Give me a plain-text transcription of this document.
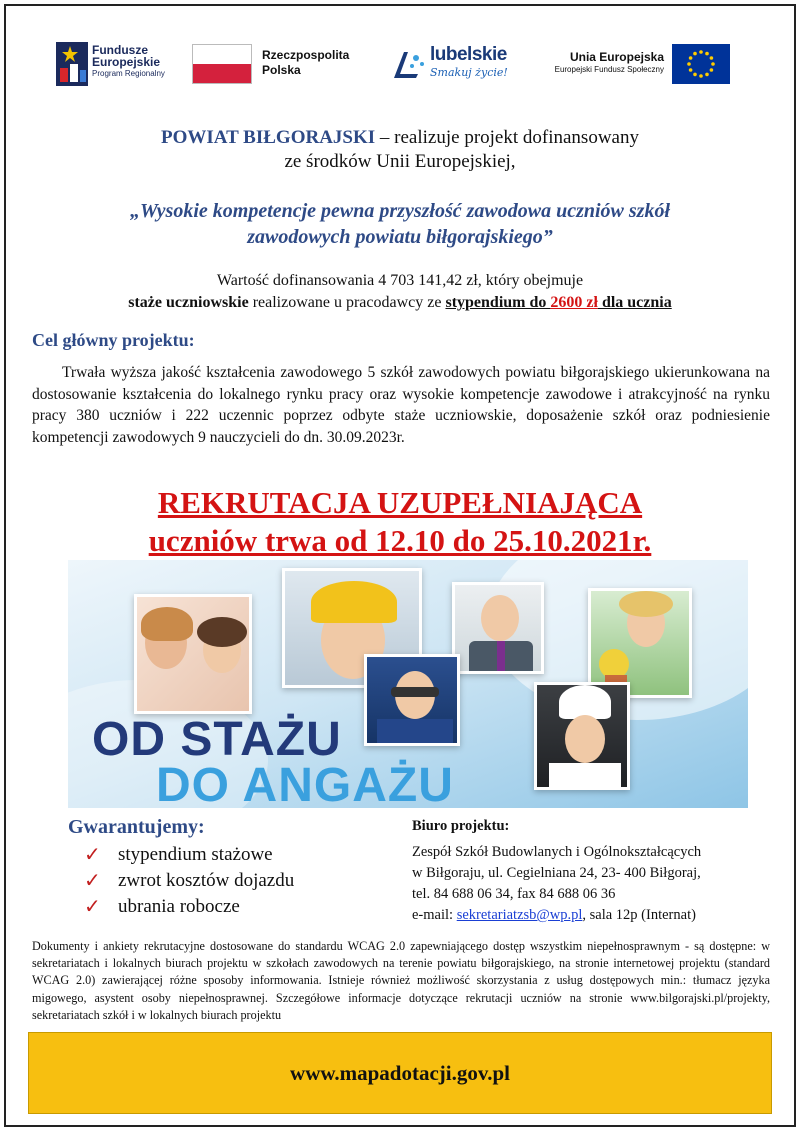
Fundusze
Europejskie
Program Regionalny
Rzeczpospolita
Polska
lubelskie
Smakuj życie!
Unia Europejska
Europejski Fundusz Społeczny
POWIAT BIŁGORAJSKI – realizuje projekt dofinansowany
ze środków Unii Europejskiej,
„Wysokie kompetencje pewna przyszłość zawodowa uczniów szkół
zawodowych powiatu biłgorajskiego”
Wartość dofinansowania 4 703 141,42 zł, który obejmuje
staże uczniowskie realizowane u pracodawcy ze stypendium do 2600 zł dla ucznia
Cel główny projektu:
Trwała wyższa jakość kształcenia zawodowego 5 szkół zawodowych powiatu biłgorajskiego ukierunkowana na dostosowanie kształcenia do lokalnego rynku pracy oraz wysokie kompetencje zawodowe i atrakcyjność na rynku pracy 380 uczniów i 222 uczennic poprzez odbyte staże uczniowskie, doposażenie szkół oraz podniesienie kompetencji zawodowych 9 nauczycieli do dn. 30.09.2023r.
REKRUTACJA UZUPEŁNIAJĄCA
uczniów trwa od 12.10 do 25.10.2021r.
OD STAŻU
DO ANGAŻU
Gwarantujemy:
✓ stypendium stażowe
✓ zwrot kosztów dojazdu
✓ ubrania robocze
Biuro projektu:
Zespół Szkół Budowlanych i Ogólnokształcących
w Biłgoraju, ul. Cegielniana 24, 23- 400 Biłgoraj,
tel. 84 688 06 34, fax 84 688 06 36
e-mail: sekretariatzsb@wp.pl, sala 12p (Internat)
Dokumenty i ankiety rekrutacyjne dostosowane do standardu WCAG 2.0 zapewniającego dostęp wszystkim niepełnosprawnym - są dostępne: w sekretariatach i lokalnych biurach projektu w szkołach zawodowych na terenie powiatu biłgorajskiego, na stronie internetowej projektu (standard WCAG 2.0) zawierającej różne sposoby informowania. Istnieje również możliwość skorzystania z usług dostępowych min.: tłumacz języka migowego, asystent osoby niepełnosprawnej. Szczegółowe informacje dotyczące rekrutacji uczniów na stronie www.bilgorajski.pl/projekty, sekretariatach szkół i w lokalnych biurach projektu
www.mapadotacji.gov.pl
